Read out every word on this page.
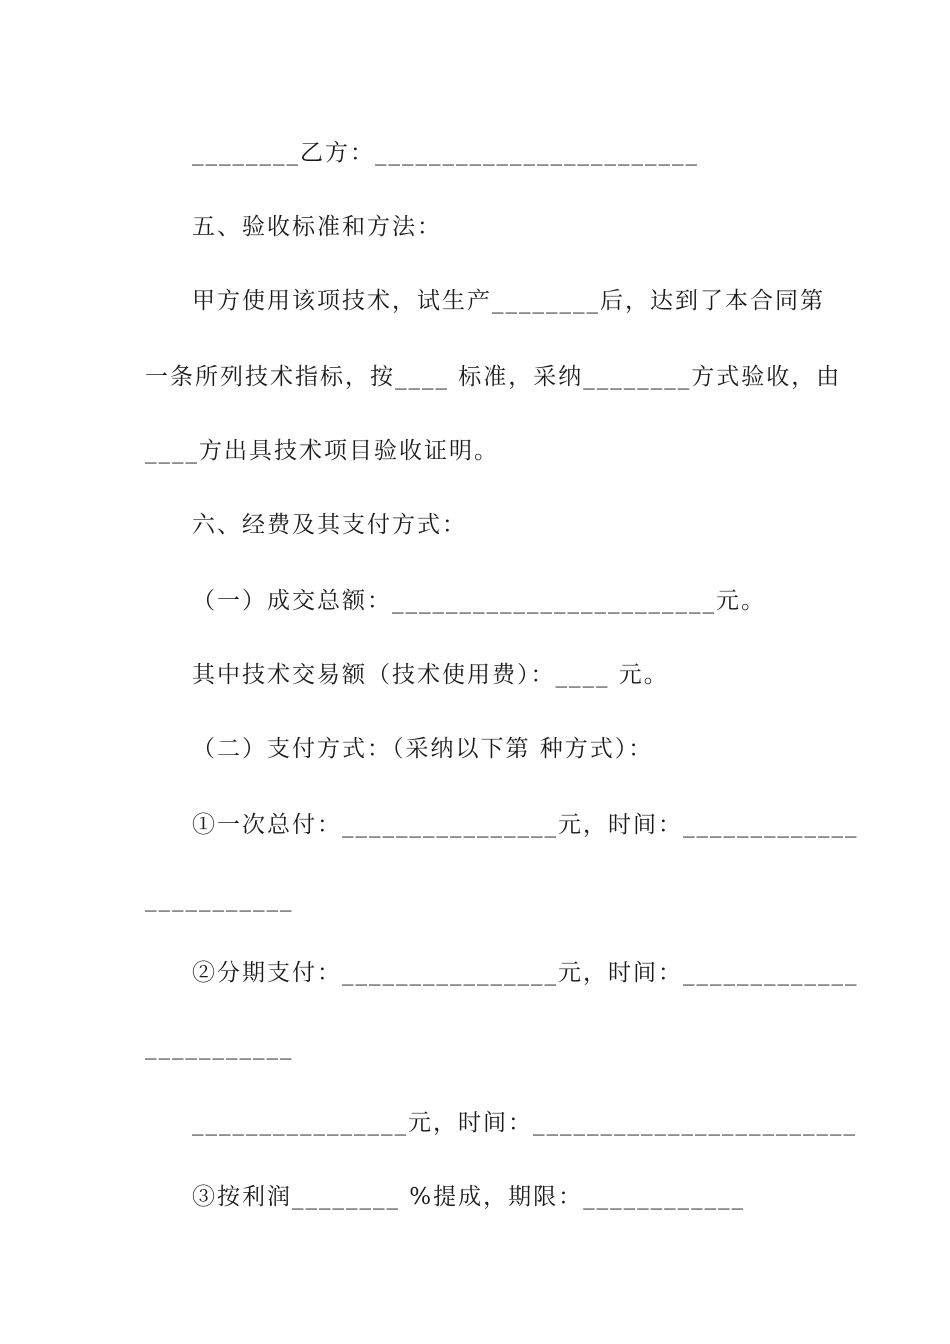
________乙方：________________________
五、验收标准和方法：
甲方使用该项技术，试生产________后，达到了本合同第
一条所列技术指标，按____ 标准，采纳________方式验收，由
____方出具技术项目验收证明。
六、经费及其支付方式：
（一）成交总额：________________________元。
其中技术交易额（技术使用费）：____ 元。
（二）支付方式：（采纳以下第 种方式）：
①一次总付：________________元，时间：_____________
___________
②分期支付：________________元，时间：_____________
___________
________________元，时间：________________________
③按利润________ %提成，期限：____________
